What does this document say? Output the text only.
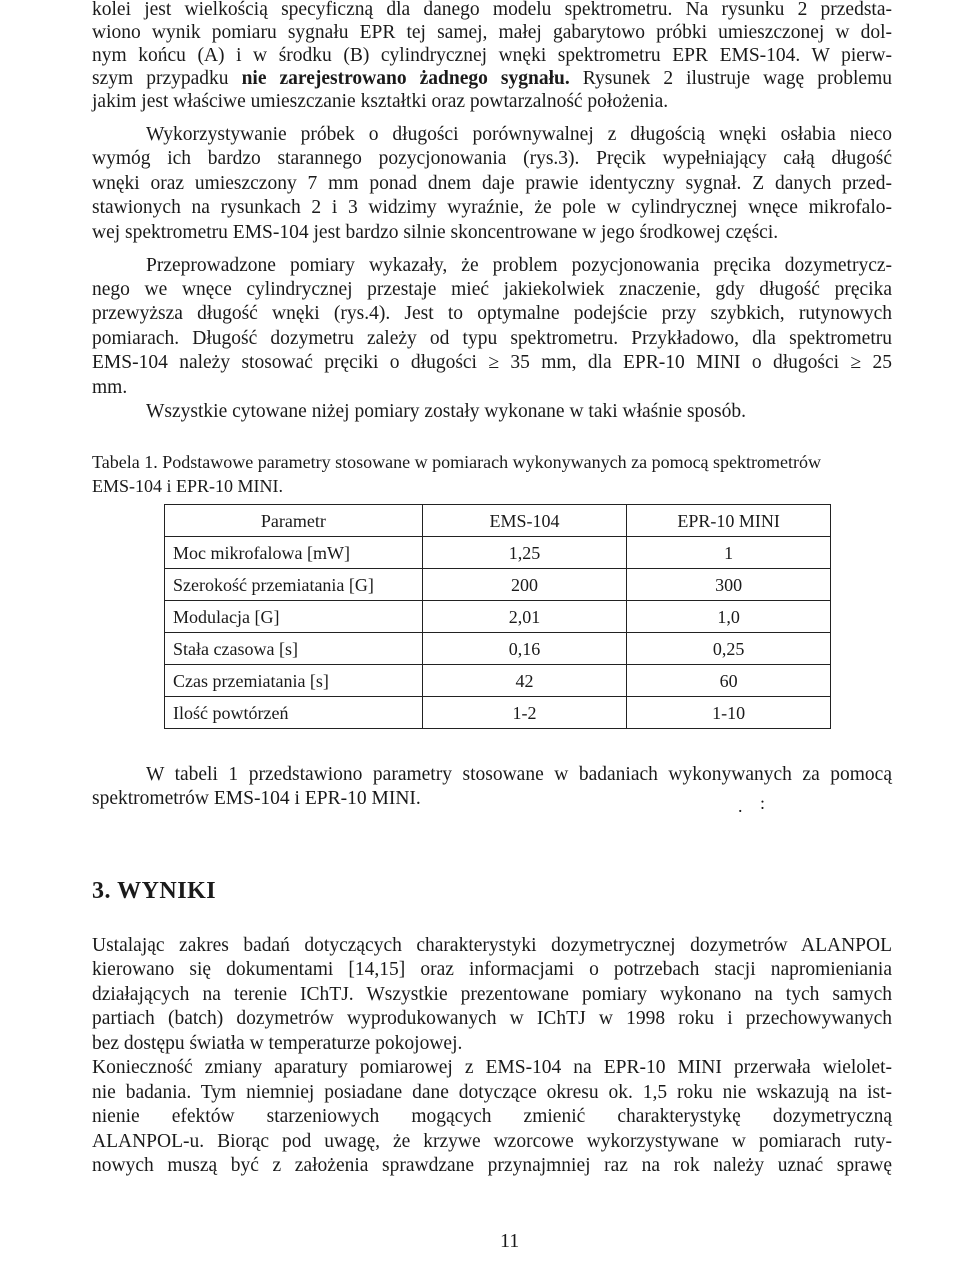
kolei jest wielkością specyficzną dla danego modelu spektrometru. Na rysunku 2 przedsta-
wiono wynik pomiaru sygnału EPR tej samej, małej gabarytowo próbki umieszczonej w dol-
nym końcu (A) i w środku (B) cylindrycznej wnęki spektrometru EPR EMS-104. W pierw-
szym przypadku nie zarejestrowano żadnego sygnału. Rysunek 2 ilustruje wagę problemu
jakim jest właściwe umieszczanie kształtki oraz powtarzalność położenia.
Wykorzystywanie próbek o długości porównywalnej z długością wnęki osłabia nieco
wymóg ich bardzo starannego pozycjonowania (rys.3). Pręcik wypełniający całą długość
wnęki oraz umieszczony 7 mm ponad dnem daje prawie identyczny sygnał. Z danych przed-
stawionych na rysunkach 2 i 3 widzimy wyraźnie, że pole w cylindrycznej wnęce mikrofalo-
wej spektrometru EMS-104 jest bardzo silnie skoncentrowane w jego środkowej części.
Przeprowadzone pomiary wykazały, że problem pozycjonowania pręcika dozymetrycz-
nego we wnęce cylindrycznej przestaje mieć jakiekolwiek znaczenie, gdy długość pręcika
przewyższa długość wnęki (rys.4). Jest to optymalne podejście przy szybkich, rutynowych
pomiarach. Długość dozymetru zależy od typu spektrometru. Przykładowo, dla spektrometru
EMS-104 należy stosować pręciki o długości ≥ 35 mm, dla EPR-10 MINI o długości ≥ 25
mm.
Wszystkie cytowane niżej pomiary zostały wykonane w taki właśnie sposób.
Tabela 1. Podstawowe parametry stosowane w pomiarach wykonywanych za pomocą spektrometrów
EMS-104 i EPR-10 MINI.
Parametr	EMS-104	EPR-10 MINI
Moc mikrofalowa [mW]	1,25	1
Szerokość przemiatania [G]	200	300
Modulacja [G]	2,01	1,0
Stała czasowa [s]	0,16	0,25
Czas przemiatania [s]	42	60
Ilość powtórzeń	1-2	1-10
W tabeli 1 przedstawiono parametry stosowane w badaniach wykonywanych za pomocą
spektrometrów EMS-104 i EPR-10 MINI.	. :
3. WYNIKI
Ustalając zakres badań dotyczących charakterystyki dozymetrycznej dozymetrów ALANPOL
kierowano się dokumentami [14,15] oraz informacjami o potrzebach stacji napromieniania
działających na terenie IChTJ. Wszystkie prezentowane pomiary wykonano na tych samych
partiach (batch) dozymetrów wyprodukowanych w IChTJ w 1998 roku i przechowywanych
bez dostępu światła w temperaturze pokojowej.
Konieczność zmiany aparatury pomiarowej z EMS-104 na EPR-10 MINI przerwała wielolet-
nie badania. Tym niemniej posiadane dane dotyczące okresu ok. 1,5 roku nie wskazują na ist-
nienie efektów starzeniowych mogących zmienić charakterystykę dozymetryczną
ALANPOL-u. Biorąc pod uwagę, że krzywe wzorcowe wykorzystywane w pomiarach ruty-
nowych muszą być z założenia sprawdzane przynajmniej raz na rok należy uznać sprawę
11
